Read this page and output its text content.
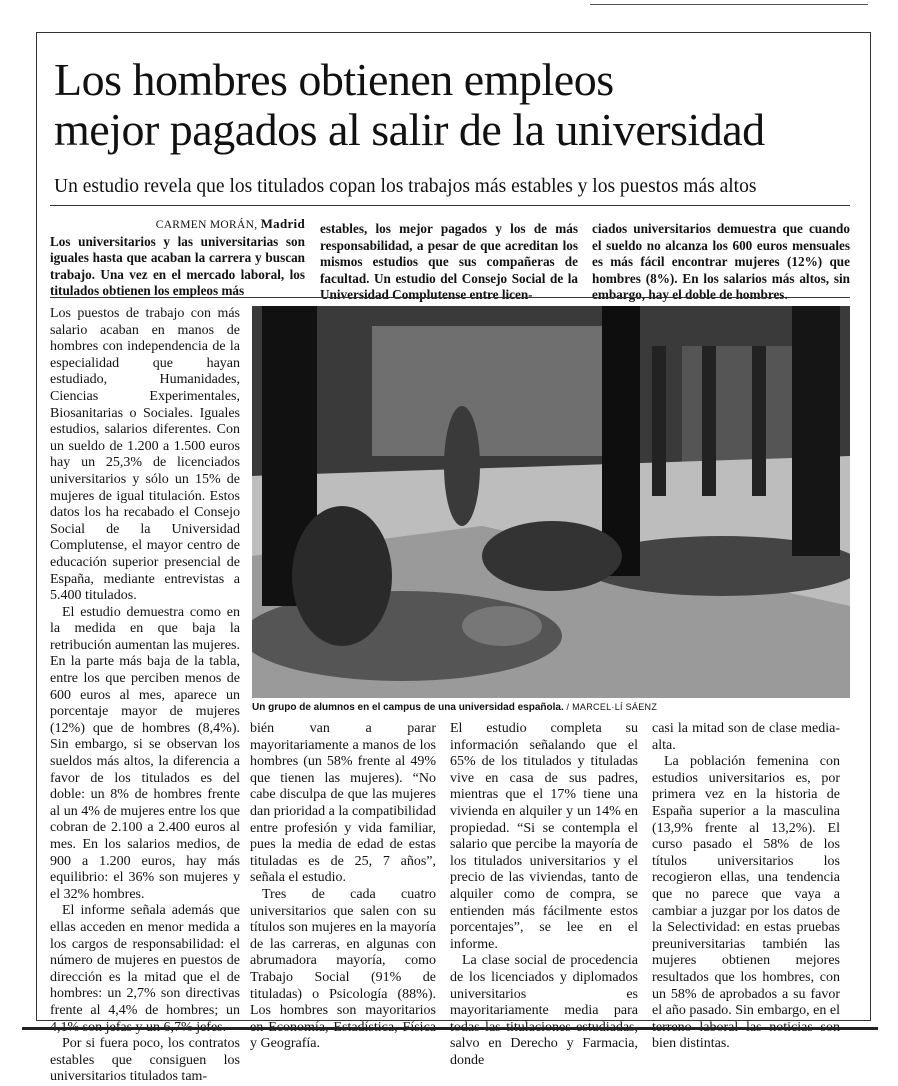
Los hombres obtienen empleos
mejor pagados al salir de la universidad
Un estudio revela que los titulados copan los trabajos más estables y los puestos más altos

CARMEN MORÁN, Madrid
Los universitarios y las universitarias son iguales hasta que acaban la carrera y buscan trabajo. Una vez en el mercado laboral, los titulados obtienen los empleos más

estables, los mejor pagados y los de más responsabilidad, a pesar de que acreditan los mismos estudios que sus compañeras de facultad. Un estudio del Consejo Social de la Universidad Complutense entre licen-

ciados universitarios demuestra que cuando el sueldo no alcanza los 600 euros mensuales es más fácil encontrar mujeres (12%) que hombres (8%). En los salarios más altos, sin embargo, hay el doble de hombres.

Los puestos de trabajo con más salario acaban en manos de hombres con independencia de la especialidad que hayan estudiado, Humanidades, Ciencias Experimentales, Biosanitarias o Sociales. Iguales estudios, salarios diferentes. Con un sueldo de 1.200 a 1.500 euros hay un 25,3% de licenciados universitarios y sólo un 15% de mujeres de igual titulación. Estos datos los ha recabado el Consejo Social de la Universidad Complutense, el mayor centro de educación superior presencial de España, mediante entrevistas a 5.400 titulados.

El estudio demuestra como en la medida en que baja la retribución aumentan las mujeres. En la parte más baja de la tabla, entre los que perciben menos de 600 euros al mes, aparece un porcentaje mayor de mujeres (12%) que de hombres (8,4%). Sin embargo, si se observan los sueldos más altos, la diferencia a favor de los titulados es del doble: un 8% de hombres frente al un 4% de mujeres entre los que cobran de 2.100 a 2.400 euros al mes. En los salarios medios, de 900 a 1.200 euros, hay más equilibrio: el 36% son mujeres y el 32% hombres.

El informe señala además que ellas acceden en menor medida a los cargos de responsabilidad: el número de mujeres en puestos de dirección es la mitad que el de hombres: un 2,7% son directivas frente al 4,4% de hombres; un 4,1% son jefas y un 6,7% jefes.

Por si fuera poco, los contratos estables que consiguen los universitarios titulados tam-

Un grupo de alumnos en el campus de una universidad española. / MARCEL·LÍ SÁENZ

bién van a parar mayoritariamente a manos de los hombres (un 58% frente al 49% que tienen las mujeres). “No cabe disculpa de que las mujeres dan prioridad a la compatibilidad entre profesión y vida familiar, pues la media de edad de estas tituladas es de 25, 7 años”, señala el estudio.

Tres de cada cuatro universitarios que salen con su títulos son mujeres en la mayoría de las carreras, en algunas con abrumadora mayoría, como Trabajo Social (91% de tituladas) o Psicología (88%). Los hombres son mayoritarios en Economía, Estadística, Física y Geografía.

El estudio completa su información señalando que el 65% de los titulados y tituladas vive en casa de sus padres, mientras que el 17% tiene una vivienda en alquiler y un 14% en propiedad. “Si se contempla el salario que percibe la mayoría de los titulados universitarios y el precio de las viviendas, tanto de alquiler como de compra, se entienden más fácilmente estos porcentajes”, se lee en el informe.

La clase social de procedencia de los licenciados y diplomados universitarios es mayoritariamente media para todas las titulaciones estudiadas, salvo en Derecho y Farmacia, donde

casi la mitad son de clase media-alta.

La población femenina con estudios universitarios es, por primera vez en la historia de España superior a la masculina (13,9% frente al 13,2%). El curso pasado el 58% de los títulos universitarios los recogieron ellas, una tendencia que no parece que vaya a cambiar a juzgar por los datos de la Selectividad: en estas pruebas preuniversitarias también las mujeres obtienen mejores resultados que los hombres, con un 58% de aprobados a su favor el año pasado. Sin embargo, en el terreno laboral las noticias son bien distintas.
